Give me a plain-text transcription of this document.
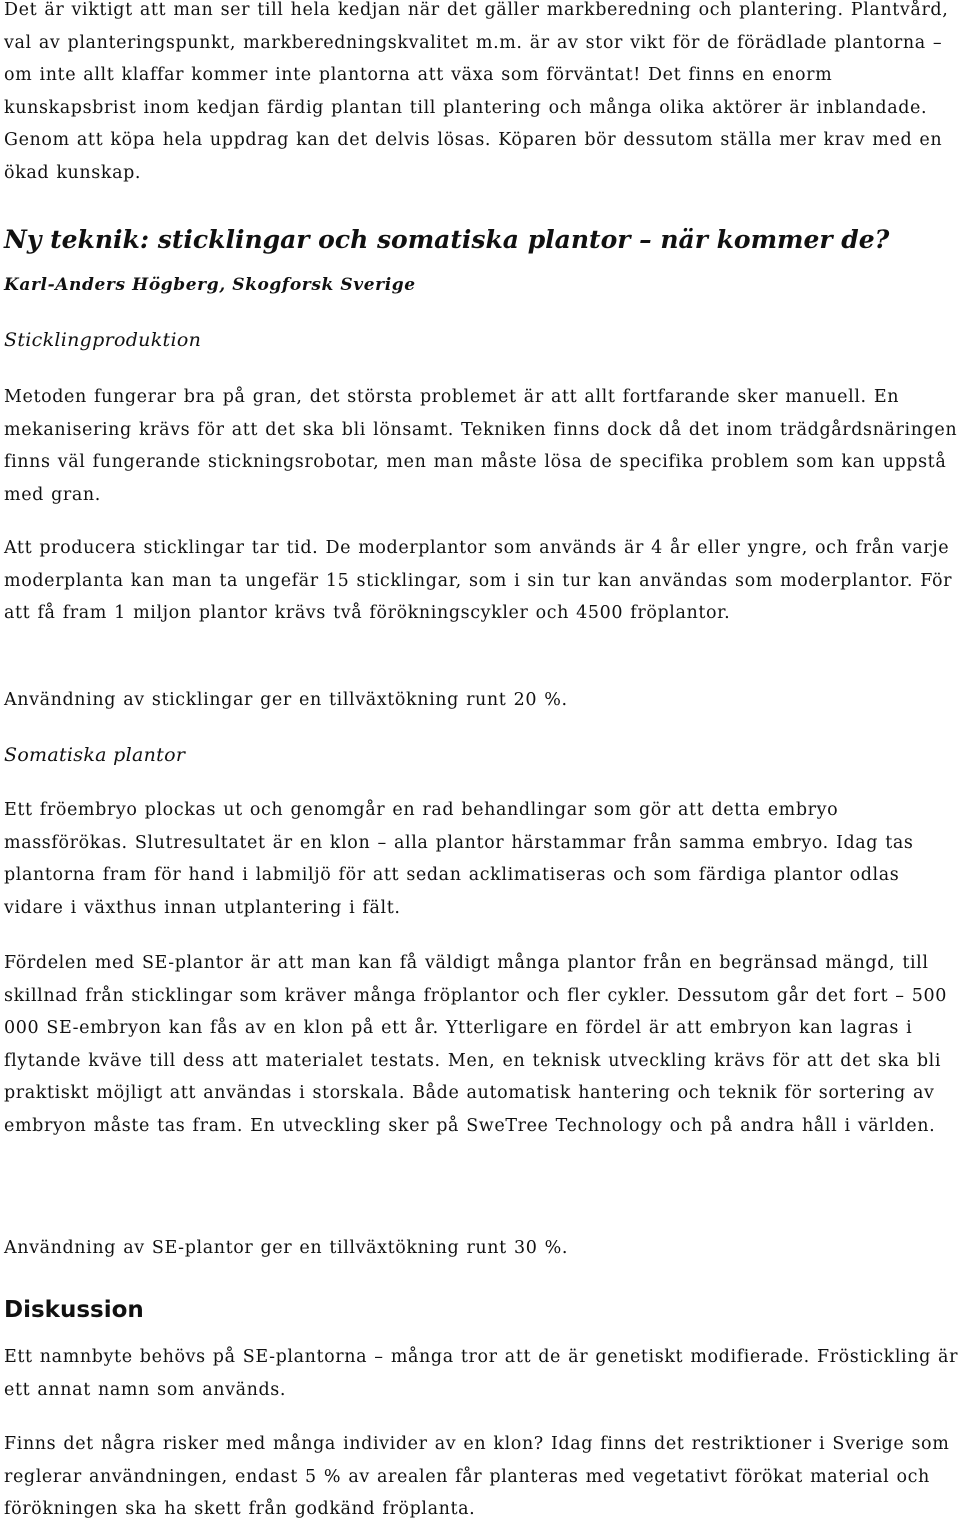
Det är viktigt att man ser till hela kedjan när det gäller markberedning och plantering. Plantvård, val av planteringspunkt, markberedningskvalitet m.m. är av stor vikt för de förädlade plantorna – om inte allt klaffar kommer inte plantorna att växa som förväntat! Det finns en enorm kunskapsbrist inom kedjan färdig plantan till plantering och många olika aktörer är inblandade. Genom att köpa hela uppdrag kan det delvis lösas. Köparen bör dessutom ställa mer krav med en ökad kunskap.

Ny teknik: sticklingar och somatiska plantor – när kommer de?
Karl-Anders Högberg, Skogforsk Sverige
Sticklingproduktion

Metoden fungerar bra på gran, det största problemet är att allt fortfarande sker manuell. En mekanisering krävs för att det ska bli lönsamt. Tekniken finns dock då det inom trädgårdsnäringen finns väl fungerande stickningsrobotar, men man måste lösa de specifika problem som kan uppstå med gran.

Att producera sticklingar tar tid. De moderplantor som används är 4 år eller yngre, och från varje moderplanta kan man ta ungefär 15 sticklingar, som i sin tur kan användas som moderplantor. För att få fram 1 miljon plantor krävs två förökningscykler och 4500 fröplantor.

Användning av sticklingar ger en tillväxtökning runt 20 %.

Somatiska plantor

Ett fröembryo plockas ut och genomgår en rad behandlingar som gör att detta embryo massförökas. Slutresultatet är en klon – alla plantor härstammar från samma embryo. Idag tas plantorna fram för hand i labmiljö för att sedan acklimatiseras och som färdiga plantor odlas vidare i växthus innan utplantering i fält.

Fördelen med SE-plantor är att man kan få väldigt många plantor från en begränsad mängd, till skillnad från sticklingar som kräver många fröplantor och fler cykler. Dessutom går det fort – 500 000 SE-embryon kan fås av en klon på ett år. Ytterligare en fördel är att embryon kan lagras i flytande kväve till dess att materialet testats. Men, en teknisk utveckling krävs för att det ska bli praktiskt möjligt att användas i storskala. Både automatisk hantering och teknik för sortering av embryon måste tas fram. En utveckling sker på SweTree Technology och på andra håll i världen.

Användning av SE-plantor ger en tillväxtökning runt 30 %.

Diskussion

Ett namnbyte behövs på SE-plantorna – många tror att de är genetiskt modifierade. Fröstickling är ett annat namn som används.

Finns det några risker med många individer av en klon? Idag finns det restriktioner i Sverige som reglerar användningen, endast 5 % av arealen får planteras med vegetativt förökat material och förökningen ska ha skett från godkänd fröplanta.
